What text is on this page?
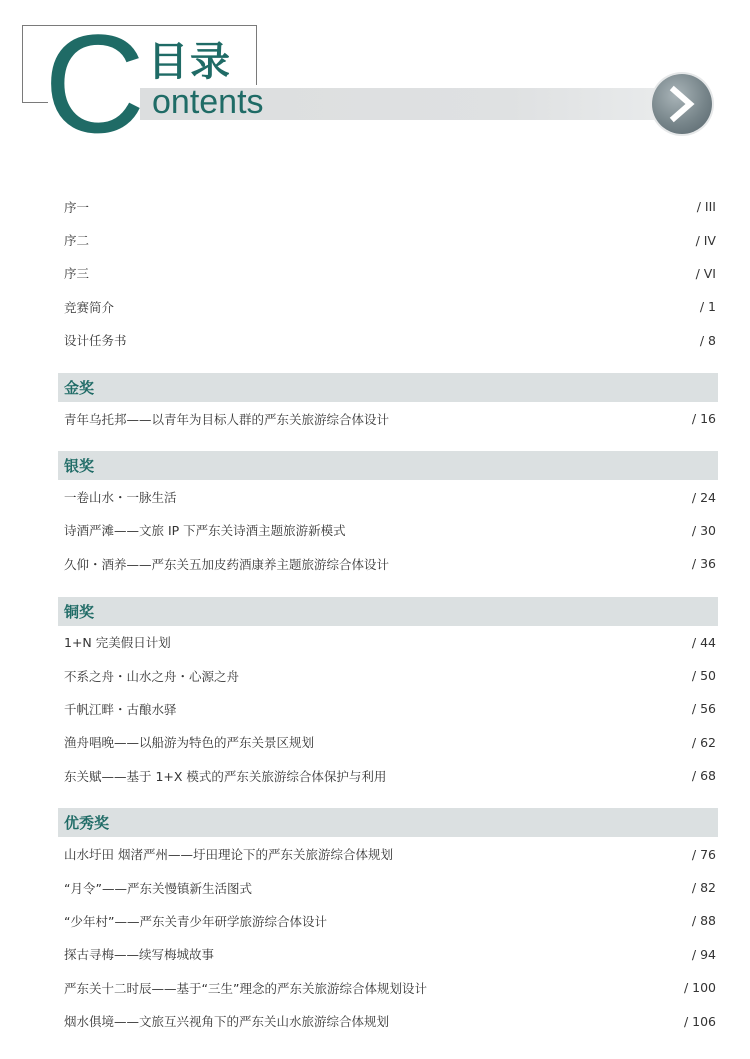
C 目录
ontents
序一	/ III
序二	/ IV
序三	/ VI
竞赛简介	/ 1
设计任务书	/ 8
金奖
青年乌托邦——以青年为目标人群的严东关旅游综合体设计	/ 16
银奖
一卷山水・一脉生活	/ 24
诗酒严滩——文旅 IP 下严东关诗酒主题旅游新模式	/ 30
久仰・酒养——严东关五加皮药酒康养主题旅游综合体设计	/ 36
铜奖
1+N 完美假日计划	/ 44
不系之舟・山水之舟・心源之舟	/ 50
千帆江畔・古酿水驿	/ 56
渔舟唱晚——以船游为特色的严东关景区规划	/ 62
东关赋——基于 1+X 模式的严东关旅游综合体保护与利用	/ 68
优秀奖
山水圩田 烟渚严州——圩田理论下的严东关旅游综合体规划	/ 76
“月令”——严东关慢镇新生活图式	/ 82
“少年村”——严东关青少年研学旅游综合体设计	/ 88
探古寻梅——续写梅城故事	/ 94
严东关十二时辰——基于“三生”理念的严东关旅游综合体规划设计	/ 100
烟水俱境——文旅互兴视角下的严东关山水旅游综合体规划	/ 106
